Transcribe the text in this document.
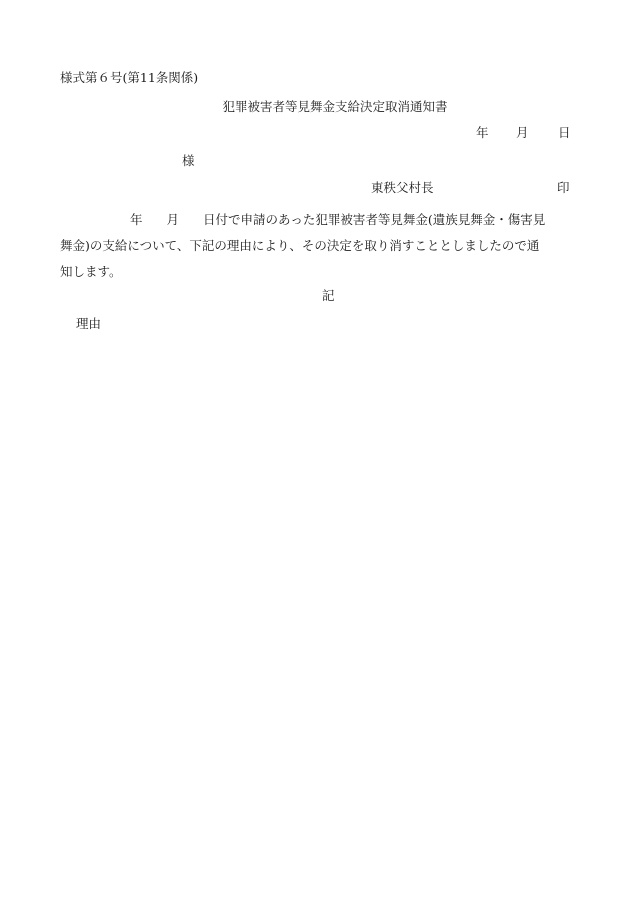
様式第６号(第11条関係)
犯罪被害者等見舞金支給決定取消通知書
年 月 日
様
東秩父村長	印
年 月 日付で申請のあった犯罪被害者等見舞金(遺族見舞金・傷害見
舞金)の支給について、下記の理由により、その決定を取り消すこととしましたので通
知します。
記
理由
